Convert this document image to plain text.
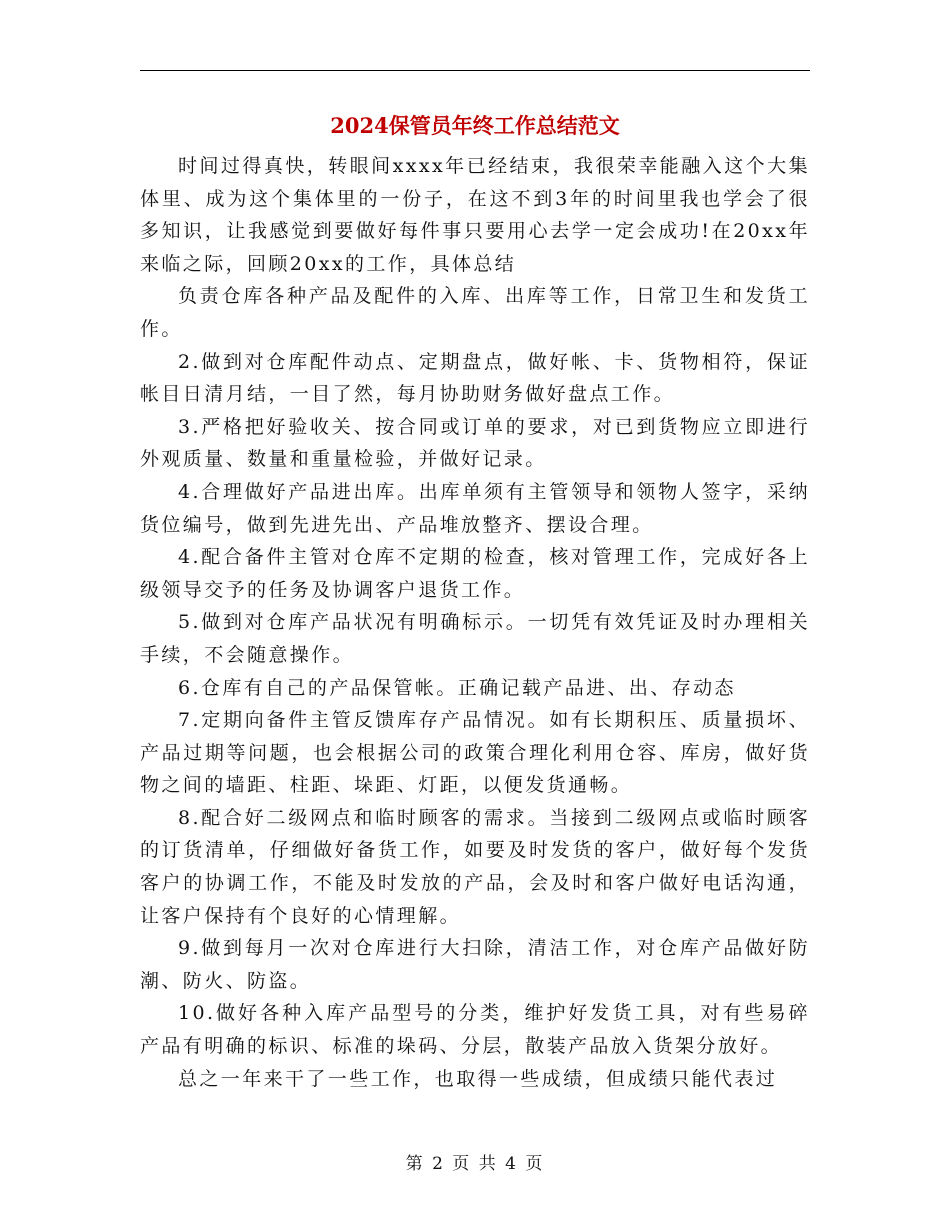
2024保管员年终工作总结范文

时间过得真快，转眼间xxxx年已经结束，我很荣幸能融入这个大集体里、成为这个集体里的一份子，在这不到3年的时间里我也学会了很多知识，让我感觉到要做好每件事只要用心去学一定会成功!在20xx年来临之际，回顾20xx的工作，具体总结

负责仓库各种产品及配件的入库、出库等工作，日常卫生和发货工作。

2.做到对仓库配件动点、定期盘点，做好帐、卡、货物相符，保证帐目日清月结，一目了然，每月协助财务做好盘点工作。

3.严格把好验收关、按合同或订单的要求，对已到货物应立即进行外观质量、数量和重量检验，并做好记录。

4.合理做好产品进出库。出库单须有主管领导和领物人签字，采纳货位编号，做到先进先出、产品堆放整齐、摆设合理。

4.配合备件主管对仓库不定期的检查，核对管理工作，完成好各上级领导交予的任务及协调客户退货工作。

5.做到对仓库产品状况有明确标示。一切凭有效凭证及时办理相关手续，不会随意操作。

6.仓库有自己的产品保管帐。正确记载产品进、出、存动态

7.定期向备件主管反馈库存产品情况。如有长期积压、质量损坏、产品过期等问题，也会根据公司的政策合理化利用仓容、库房，做好货物之间的墙距、柱距、垛距、灯距，以便发货通畅。

8.配合好二级网点和临时顾客的需求。当接到二级网点或临时顾客的订货清单，仔细做好备货工作，如要及时发货的客户，做好每个发货客户的协调工作，不能及时发放的产品，会及时和客户做好电话沟通，让客户保持有个良好的心情理解。

9.做到每月一次对仓库进行大扫除，清洁工作，对仓库产品做好防潮、防火、防盗。

10.做好各种入库产品型号的分类，维护好发货工具，对有些易碎产品有明确的标识、标准的垛码、分层，散装产品放入货架分放好。

总之一年来干了一些工作，也取得一些成绩，但成绩只能代表过

第 2 页 共 4 页
